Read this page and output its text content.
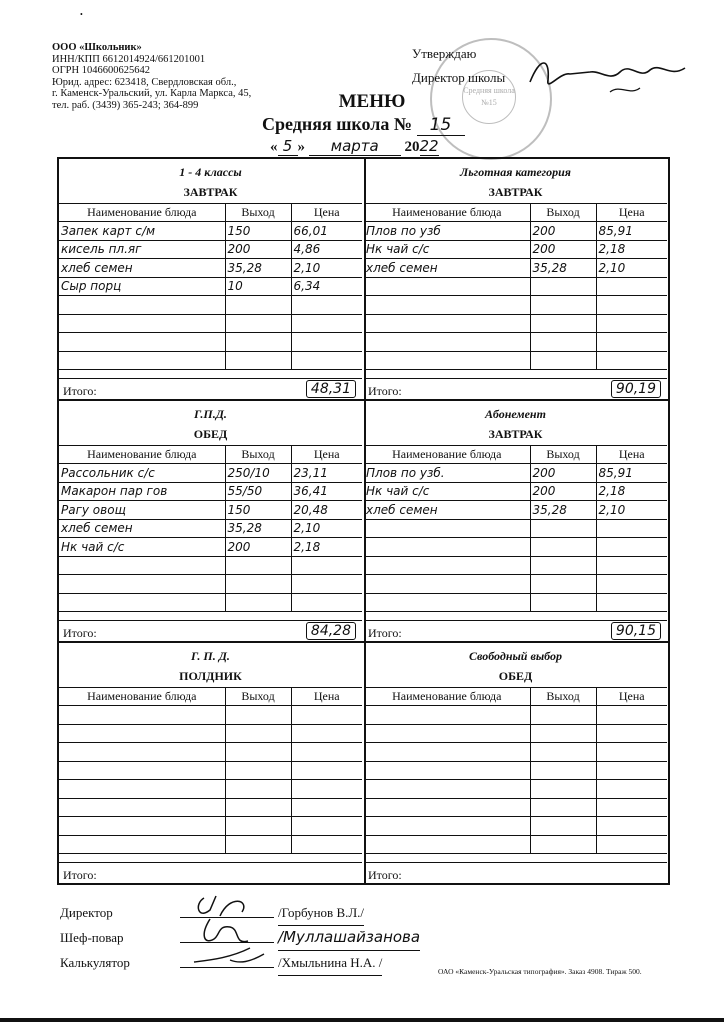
•
ООО «Школьник»
ИНН/КПП 6612014924/661201001
ОГРН 1046600625642
Юрид. адрес: 623418, Свердловская обл.,
г. Каменск-Уральский, ул. Карла Маркса, 45,
тел. раб. (3439) 365-243; 364-899
Средняя школа №15
Утверждаю
Директор школы
МЕНЮ
Средняя школа № 15
« 5 » марта 2022
1 - 4 классы
ЗАВТРАК
Наименование блюда	Выход	Цена
Запек карт с/м	150	66,01
кисель пл.яг	200	4,86
хлеб семен	35,28	2,10
Сыр порц	10	6,34

Итого:	48,31
Льготная категория
ЗАВТРАК
Наименование блюда	Выход	Цена
Плов по узб	200	85,91
Нк чай с/с	200	2,18
хлеб семен	35,28	2,10

Итого:	90,19
Г.П.Д.
ОБЕД
Наименование блюда	Выход	Цена
Рассольник с/с	250/10	23,11
Макарон пар гов	55/50	36,41
Рагу овощ	150	20,48
хлеб семен	35,28	2,10
Нк чай с/с	200	2,18

Итого:	84,28
Абонемент
ЗАВТРАК
Наименование блюда	Выход	Цена
Плов по узб.	200	85,91
Нк чай с/с	200	2,18
хлеб семен	35,28	2,10

Итого:	90,15
Г. П. Д.
ПОЛДНИК
Наименование блюда	Выход	Цена

Итого:
Свободный выбор
ОБЕД
Наименование блюда	Выход	Цена

Итого:
Директор	/Горбунов В.Л./
Шеф-повар	/Муллашайзанова
Калькулятор	/Хмыльнина Н.А. /
ОАО «Каменск-Уральская типография». Заказ 4908. Тираж 500.
